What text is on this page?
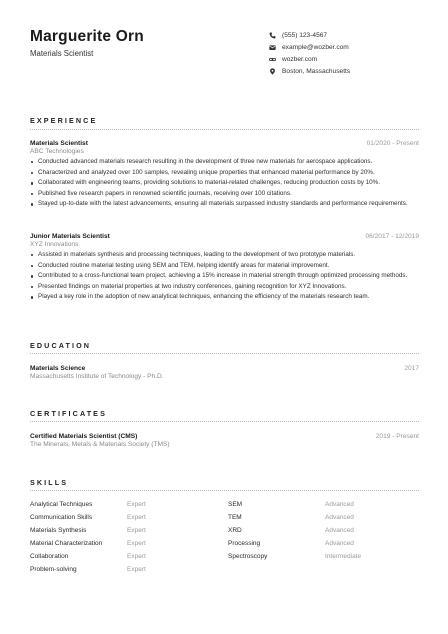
Marguerite Orn
Materials Scientist
(555) 123-4567
example@wozber.com
wozber.com
Boston, Massachusetts
EXPERIENCE
Materials Scientist	01/2020 - Present
ABC Technologies
Conducted advanced materials research resulting in the development of three new materials for aerospace applications.
Characterized and analyzed over 100 samples, revealing unique properties that enhanced material performance by 20%.
Collaborated with engineering teams, providing solutions to material-related challenges, reducing production costs by 10%.
Published five research papers in renowned scientific journals, receiving over 100 citations.
Stayed up-to-date with the latest advancements, ensuring all materials surpassed industry standards and performance requirements.
Junior Materials Scientist	06/2017 - 12/2019
XYZ Innovations
Assisted in materials synthesis and processing techniques, leading to the development of two prototype materials.
Conducted routine material testing using SEM and TEM, helping identify areas for material improvement.
Contributed to a cross-functional team project, achieving a 15% increase in material strength through optimized processing methods.
Presented findings on material properties at two industry conferences, gaining recognition for XYZ Innovations.
Played a key role in the adoption of new analytical techniques, enhancing the efficiency of the materials research team.
EDUCATION
Materials Science	2017
Massachusetts Institute of Technology - Ph.D.
CERTIFICATES
Certified Materials Scientist (CMS)	2019 - Present
The Minerals, Metals & Materials Society (TMS)
SKILLS
Analytical Techniques	Expert	SEM	Advanced
Communication Skills	Expert	TEM	Advanced
Materials Synthesis	Expert	XRD	Advanced
Material Characterization	Expert	Processing	Advanced
Collaboration	Expert	Spectroscopy	Intermediate
Problem-solving	Expert
